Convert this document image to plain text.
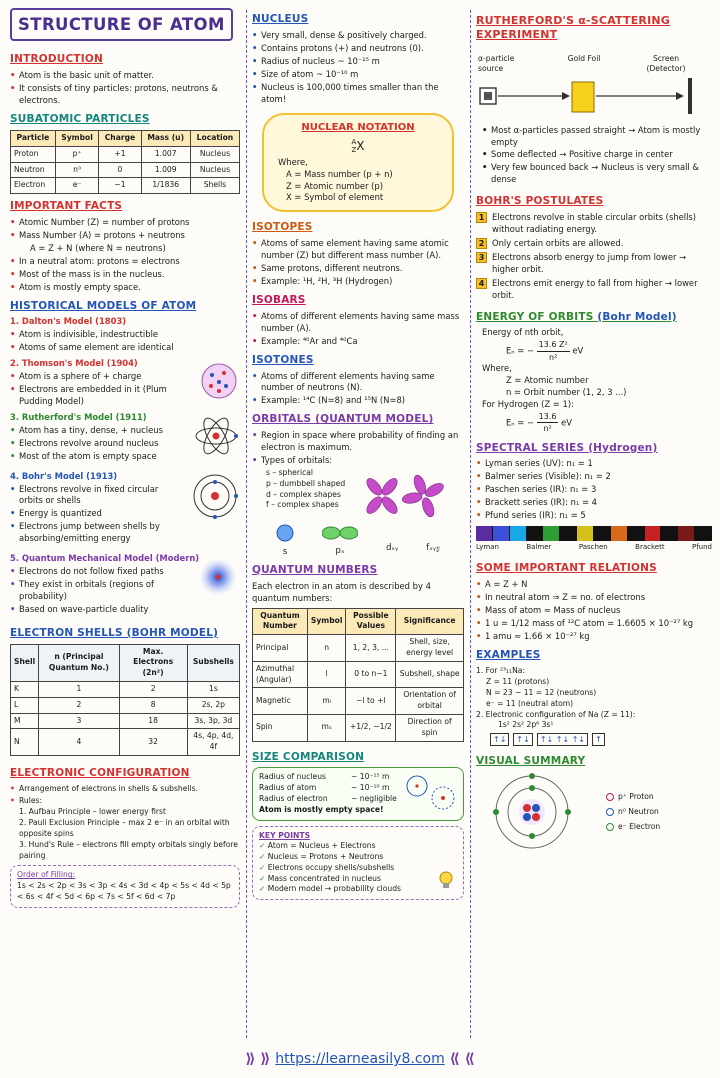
STRUCTURE OF ATOM
INTRODUCTION
• Atom is the basic unit of matter.
• It consists of tiny particles: protons, neutrons & electrons.
SUBATOMIC PARTICLES
Particle	Symbol	Charge	Mass (u)	Location
Proton	p⁺	+1	1.007	Nucleus
Neutron	n⁰	0	1.009	Nucleus
Electron	e⁻	−1	1/1836	Shells
IMPORTANT FACTS
• Atomic Number (Z) = number of protons
• Mass Number (A) = protons + neutrons
A = Z + N (where N = neutrons)
• In a neutral atom: protons = electrons
• Most of the mass is in the nucleus.
• Atom is mostly empty space.
HISTORICAL MODELS OF ATOM
1. Dalton's Model (1803)
• Atom is indivisible, indestructible
• Atoms of same element are identical
2. Thomson's Model (1904)
• Atom is a sphere of + charge
• Electrons are embedded in it (Plum Pudding Model)
3. Rutherford's Model (1911)
• Atom has a tiny, dense, + nucleus
• Electrons revolve around nucleus
• Most of the atom is empty space
4. Bohr's Model (1913)
• Electrons revolve in fixed circular orbits or shells
• Energy is quantized
• Electrons jump between shells by absorbing/emitting energy
5. Quantum Mechanical Model (Modern)
• Electrons do not follow fixed paths
• They exist in orbitals (regions of probability)
• Based on wave-particle duality
ELECTRON SHELLS (BOHR MODEL)
Shell	n (Principal Quantum No.)	Max. Electrons (2n²)	Subshells
K	1	2	1s
L	2	8	2s, 2p
M	3	18	3s, 3p, 3d
N	4	32	4s, 4p, 4d, 4f
ELECTRONIC CONFIGURATION
• Arrangement of electrons in shells & subshells.
• Rules:
1. Aufbau Principle – lower energy first
2. Pauli Exclusion Principle – max 2 e⁻ in an orbital with opposite spins
3. Hund's Rule – electrons fill empty orbitals singly before pairing
Order of Filling:
1s < 2s < 2p < 3s < 3p < 4s < 3d < 4p < 5s < 4d < 5p < 6s < 4f < 5d < 6p < 7s < 5f < 6d < 7p
NUCLEUS
• Very small, dense & positively charged.
• Contains protons (+) and neutrons (0).
• Radius of nucleus ~ 10⁻¹⁵ m
• Size of atom ~ 10⁻¹⁰ m
• Nucleus is 100,000 times smaller than the atom!
NUCLEAR NOTATION
A
ZX
Where,
A = Mass number (p + n)
Z = Atomic number (p)
X = Symbol of element
ISOTOPES
• Atoms of same element having same atomic number (Z) but different mass number (A).
• Same protons, different neutrons.
• Example: ¹H, ²H, ³H (Hydrogen)
ISOBARS
• Atoms of different elements having same mass number (A).
• Example: ⁴⁰Ar and ⁴⁰Ca
ISOTONES
• Atoms of different elements having same number of neutrons (N).
• Example: ¹⁴C (N=8) and ¹⁵N (N=8)
ORBITALS (QUANTUM MODEL)
• Region in space where probability of finding an electron is maximum.
• Types of orbitals:
s – spherical
p – dumbbell shaped
d – complex shapes
f – complex shapes
s	pₓ	dₓᵧ	fₓᵧ𝓏
QUANTUM NUMBERS
Each electron in an atom is described by 4 quantum numbers:
Quantum Number	Symbol	Possible Values	Significance
Principal	n	1, 2, 3, ...	Shell, size, energy level
Azimuthal (Angular)	l	0 to n−1	Subshell, shape
Magnetic	mₗ	−l to +l	Orientation of orbital
Spin	mₛ	+1/2, −1/2	Direction of spin
SIZE COMPARISON
Radius of nucleus	~ 10⁻¹⁵ m
Radius of atom	~ 10⁻¹⁰ m
Radius of electron	~ negligible
Atom is mostly empty space!
KEY POINTS
✓ Atom = Nucleus + Electrons
✓ Nucleus = Protons + Neutrons
✓ Electrons occupy shells/subshells
✓ Mass concentrated in nucleus
✓ Modern model → probability clouds
RUTHERFORD'S α-SCATTERING EXPERIMENT
α-particle source
Gold Foil	Screen (Detector)
• Most α-particles passed straight → Atom is mostly empty
• Some deflected → Positive charge in center
• Very few bounced back → Nucleus is very small & dense
BOHR'S POSTULATES
1 Electrons revolve in stable circular orbits (shells) without radiating energy.
2 Only certain orbits are allowed.
3 Electrons absorb energy to jump from lower → higher orbit.
4 Electrons emit energy to fall from higher → lower orbit.
ENERGY OF ORBITS (Bohr Model)
Energy of nth orbit,
Eₙ = − $\frac{\text{13.6 Z²}}{\text{n²}}$ eV
Where,
Z = Atomic number
n = Orbit number (1, 2, 3 ...)
For Hydrogen (Z = 1):
Eₙ = − $\frac{13.6}{\text{n²}}$ eV
SPECTRAL SERIES (Hydrogen)
• Lyman series (UV): n₁ = 1
• Balmer series (Visible): n₁ = 2
• Paschen series (IR): n₁ = 3
• Brackett series (IR): n₁ = 4
• Pfund series (IR): n₁ = 5
Lyman	Balmer	Paschen	Brackett	Pfund
SOME IMPORTANT RELATIONS
• A = Z + N
• In neutral atom ⇒ Z = no. of electrons
• Mass of atom ≈ Mass of nucleus
• 1 u = 1/12 mass of ¹²C atom = 1.6605 × 10⁻²⁷ kg
• 1 amu ≈ 1.66 × 10⁻²⁷ kg
EXAMPLES
1. For ²³₁₁Na:
Z = 11 (protons)
N = 23 − 11 = 12 (neutrons)
e⁻ = 11 (neutral atom)
2. Electronic configuration of Na (Z = 11):
1s² 2s² 2p⁶ 3s¹
↑↓ ↑↓ ↑↓ ↑↓ ↑↓ ↑
VISUAL SUMMARY
p⁺ Proton
n⁰ Neutron
e⁻ Electron
⟫ ⟫ https://learneasily8.com ⟪ ⟪
